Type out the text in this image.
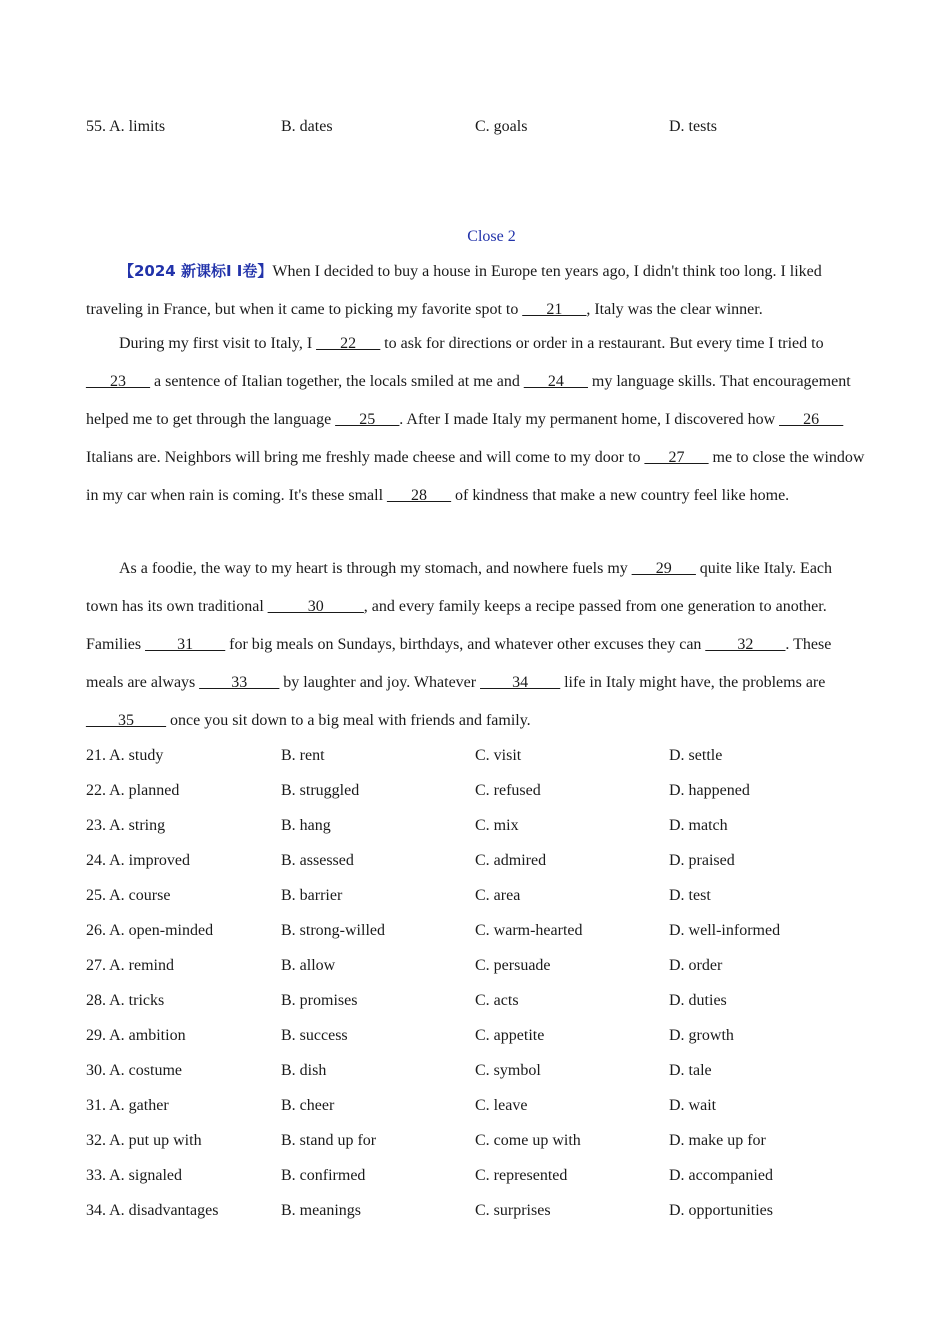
55. A. limits	B. dates	C. goals	D. tests
Close 2

【2024 新课标Ⅰ Ⅰ卷】When I decided to buy a house in Europe ten years ago, I didn't think too long. I liked traveling in France, but when it came to picking my favorite spot to ___21___, Italy was the clear winner.

During my first visit to Italy, I ___22___ to ask for directions or order in a restaurant. But every time I tried to ___23___ a sentence of Italian together, the locals smiled at me and ___24___ my language skills. That encouragement helped me to get through the language ___25___. After I made Italy my permanent home, I discovered how ___26___ Italians are. Neighbors will bring me freshly made cheese and will come to my door to ___27___ me to close the window in my car when rain is coming. It's these small ___28___ of kindness that make a new country feel like home.

As a foodie, the way to my heart is through my stomach, and nowhere fuels my ___29___ quite like Italy. Each town has its own traditional _____30_____, and every family keeps a recipe passed from one generation to another. Families ____31____ for big meals on Sundays, birthdays, and whatever other excuses they can ____32____. These meals are always ____33____ by laughter and joy. Whatever ____34____ life in Italy might have, the problems are ____35____ once you sit down to a big meal with friends and family.

21. A. study	B. rent	C. visit	D. settle
22. A. planned	B. struggled	C. refused	D. happened
23. A. string	B. hang	C. mix	D. match
24. A. improved	B. assessed	C. admired	D. praised
25. A. course	B. barrier	C. area	D. test
26. A. open-minded	B. strong-willed	C. warm-hearted	D. well-informed
27. A. remind	B. allow	C. persuade	D. order
28. A. tricks	B. promises	C. acts	D. duties
29. A. ambition	B. success	C. appetite	D. growth
30. A. costume	B. dish	C. symbol	D. tale
31. A. gather	B. cheer	C. leave	D. wait
32. A. put up with	B. stand up for	C. come up with	D. make up for
33. A. signaled	B. confirmed	C. represented	D. accompanied
34. A. disadvantages	B. meanings	C. surprises	D. opportunities
